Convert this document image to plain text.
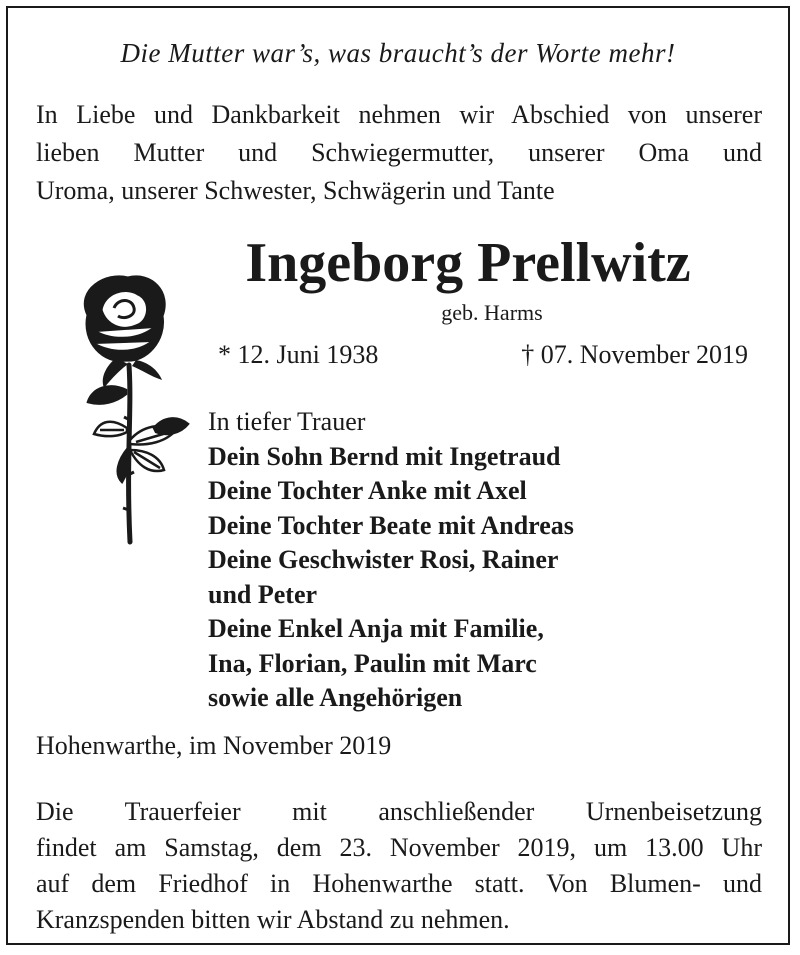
Die Mutter war’s, was braucht’s der Worte mehr!
In Liebe und Dankbarkeit nehmen wir Abschied von unserer
lieben Mutter und Schwiegermutter, unserer Oma und
Uroma, unserer Schwester, Schwägerin und Tante
Ingeborg Prellwitz
geb. Harms
* 12. Juni 1938	† 07. November 2019
In tiefer Trauer
Dein Sohn Bernd mit Ingetraud
Deine Tochter Anke mit Axel
Deine Tochter Beate mit Andreas
Deine Geschwister Rosi, Rainer
und Peter
Deine Enkel Anja mit Familie,
Ina, Florian, Paulin mit Marc
sowie alle Angehörigen
Hohenwarthe, im November 2019
Die Trauerfeier mit anschließender Urnenbeisetzung
findet am Samstag, dem 23. November 2019, um 13.00 Uhr
auf dem Friedhof in Hohenwarthe statt. Von Blumen- und
Kranzspenden bitten wir Abstand zu nehmen.
